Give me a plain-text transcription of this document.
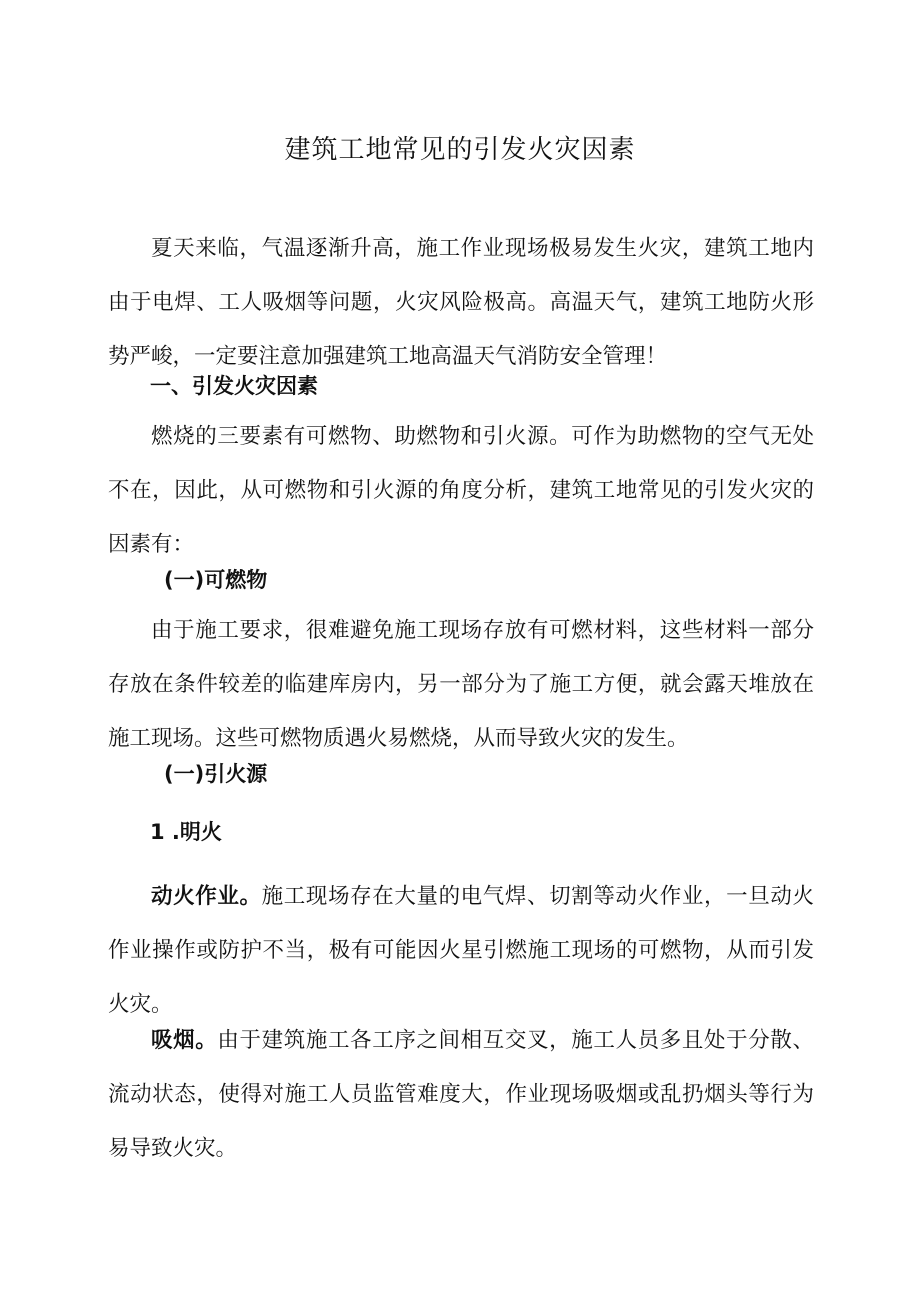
建筑工地常见的引发火灾因素

夏天来临，气温逐渐升高，施工作业现场极易发生火灾，建筑工地内由于电焊、工人吸烟等问题，火灾风险极高。高温天气，建筑工地防火形势严峻，一定要注意加强建筑工地高温天气消防安全管理！

一、引发火灾因素

燃烧的三要素有可燃物、助燃物和引火源。可作为助燃物的空气无处不在，因此，从可燃物和引火源的角度分析，建筑工地常见的引发火灾的因素有：

(一)可燃物

由于施工要求，很难避免施工现场存放有可燃材料，这些材料一部分存放在条件较差的临建库房内，另一部分为了施工方便，就会露天堆放在施工现场。这些可燃物质遇火易燃烧，从而导致火灾的发生。

(一)引火源
1 .明火

动火作业。施工现场存在大量的电气焊、切割等动火作业，一旦动火作业操作或防护不当，极有可能因火星引燃施工现场的可燃物，从而引发火灾。

吸烟。由于建筑施工各工序之间相互交叉，施工人员多且处于分散、流动状态，使得对施工人员监管难度大，作业现场吸烟或乱扔烟头等行为易导致火灾。
